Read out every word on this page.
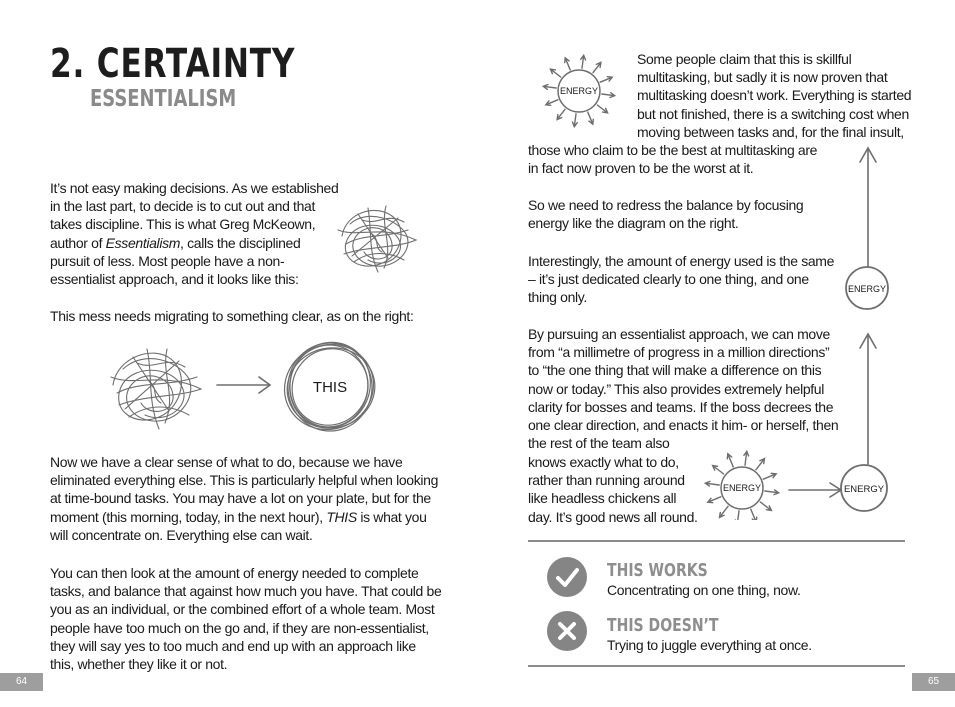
2. CERTAINTY
ESSENTIALISM
It’s not easy making decisions. As we established
in the last part, to decide is to cut out and that
takes discipline. This is what Greg McKeown,
author of Essentialism, calls the disciplined
pursuit of less. Most people have a non-
essentialist approach, and it looks like this:
This mess needs migrating to something clear, as on the right:
THIS
Now we have a clear sense of what to do, because we have
eliminated everything else. This is particularly helpful when looking
at time-bound tasks. You may have a lot on your plate, but for the
moment (this morning, today, in the next hour), THIS is what you
will concentrate on. Everything else can wait.
You can then look at the amount of energy needed to complete
tasks, and balance that against how much you have. That could be
you as an individual, or the combined effort of a whole team. Most
people have too much on the go and, if they are non-essentialist,
they will say yes to too much and end up with an approach like
this, whether they like it or not.
64
ENERGY
Some people claim that this is skillful
multitasking, but sadly it is now proven that
multitasking doesn’t work. Everything is started
but not finished, there is a switching cost when
moving between tasks and, for the final insult,
those who claim to be the best at multitasking are
in fact now proven to be the worst at it.
So we need to redress the balance by focusing
energy like the diagram on the right.
Interestingly, the amount of energy used is the same
– it’s just dedicated clearly to one thing, and one
thing only.
By pursuing an essentialist approach, we can move
from “a millimetre of progress in a million directions”
to “the one thing that will make a difference on this
now or today.” This also provides extremely helpful
clarity for bosses and teams. If the boss decrees the
one clear direction, and enacts it him- or herself, then
the rest of the team also
knows exactly what to do,
rather than running around
like headless chickens all
day. It’s good news all round.
ENERGY
ENERGY
ENERGY
THIS WORKS
Concentrating on one thing, now.
THIS DOESN’T
Trying to juggle everything at once.
65
